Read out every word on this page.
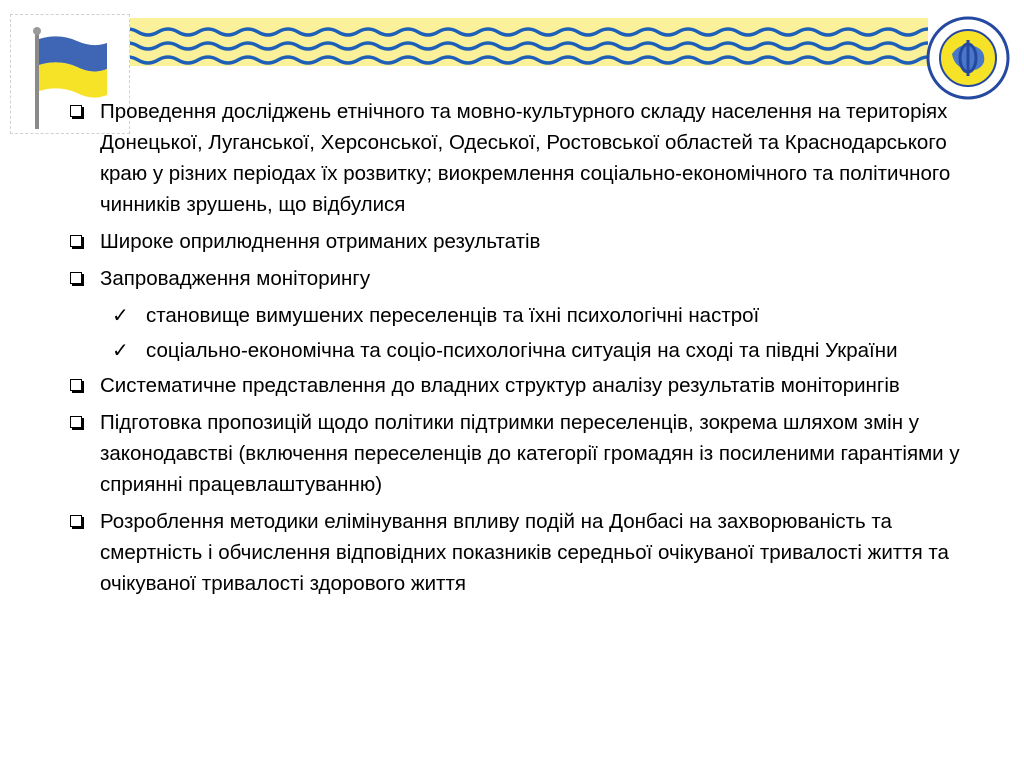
Проведення досліджень етнічного та мовно-культурного складу населення на територіях Донецької, Луганської, Херсонської, Одеської, Ростовської областей та Краснодарського краю у різних періодах їх розвитку; виокремлення соціально-економічного та політичного чинників зрушень, що відбулися
Широке оприлюднення отриманих результатів
Запровадження моніторингу
✓ становище вимушених переселенців та їхні психологічні настрої
✓ соціально-економічна та соціо-психологічна ситуація на сході та півдні України
Систематичне представлення до владних структур аналізу результатів моніторингів
Підготовка пропозицій щодо політики підтримки переселенців, зокрема шляхом змін у законодавстві (включення переселенців до категорії громадян із посиленими гарантіями у сприянні працевлаштуванню)
Розроблення методики елімінування впливу подій на Донбасі на захворюваність та смертність і обчислення відповідних показників середньої очікуваної тривалості життя та очікуваної тривалості здорового життя
